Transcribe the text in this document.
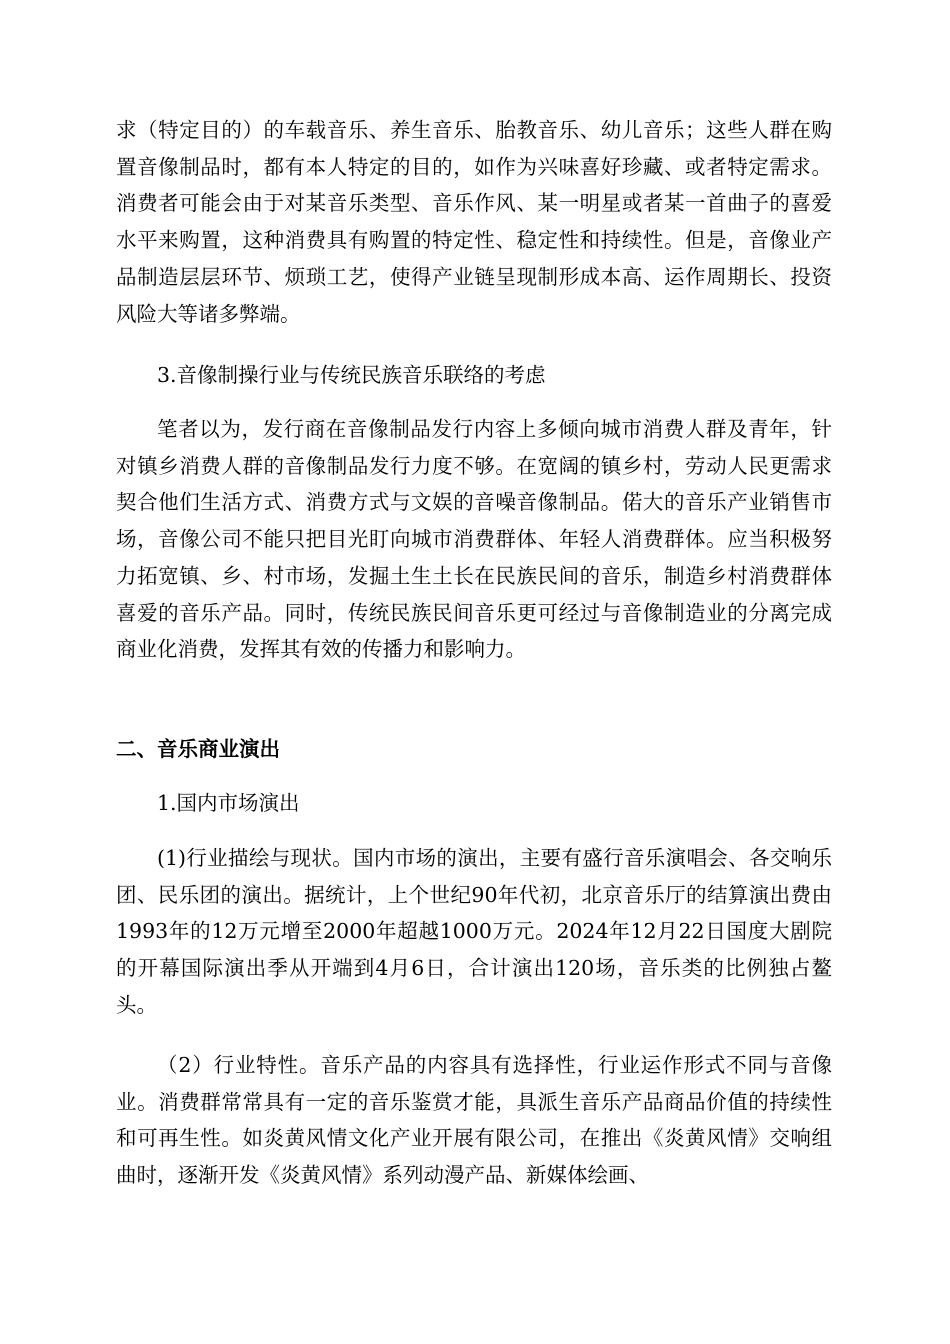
求（特定目的）的车载音乐、养生音乐、胎教音乐、幼儿音乐；这些人群在购置音像制品时，都有本人特定的目的，如作为兴味喜好珍藏、或者特定需求。消费者可能会由于对某音乐类型、音乐作风、某一明星或者某一首曲子的喜爱水平来购置，这种消费具有购置的特定性、稳定性和持续性。但是，音像业产品制造层层环节、烦琐工艺，使得产业链呈现制形成本高、运作周期长、投资风险大等诸多弊端。

3.音像制操行业与传统民族音乐联络的考虑

笔者以为，发行商在音像制品发行内容上多倾向城市消费人群及青年，针对镇乡消费人群的音像制品发行力度不够。在宽阔的镇乡村，劳动人民更需求契合他们生活方式、消费方式与文娱的音噪音像制品。偌大的音乐产业销售市场，音像公司不能只把目光盯向城市消费群体、年轻人消费群体。应当积极努力拓宽镇、乡、村市场，发掘土生土长在民族民间的音乐，制造乡村消费群体喜爱的音乐产品。同时，传统民族民间音乐更可经过与音像制造业的分离完成商业化消费，发挥其有效的传播力和影响力。

二、音乐商业演出

1.国内市场演出

(1)行业描绘与现状。国内市场的演出，主要有盛行音乐演唱会、各交响乐团、民乐团的演出。据统计，上个世纪90年代初，北京音乐厅的结算演出费由1993年的12万元增至2000年超越1000万元。2024年12月22日国度大剧院的开幕国际演出季从开端到4月6日，合计演出120场，音乐类的比例独占鳌头。

（2）行业特性。音乐产品的内容具有选择性，行业运作形式不同与音像业。消费群常常具有一定的音乐鉴赏才能，具派生音乐产品商品价值的持续性和可再生性。如炎黄风情文化产业开展有限公司，在推出《炎黄风情》交响组曲时，逐渐开发《炎黄风情》系列动漫产品、新媒体绘画、
